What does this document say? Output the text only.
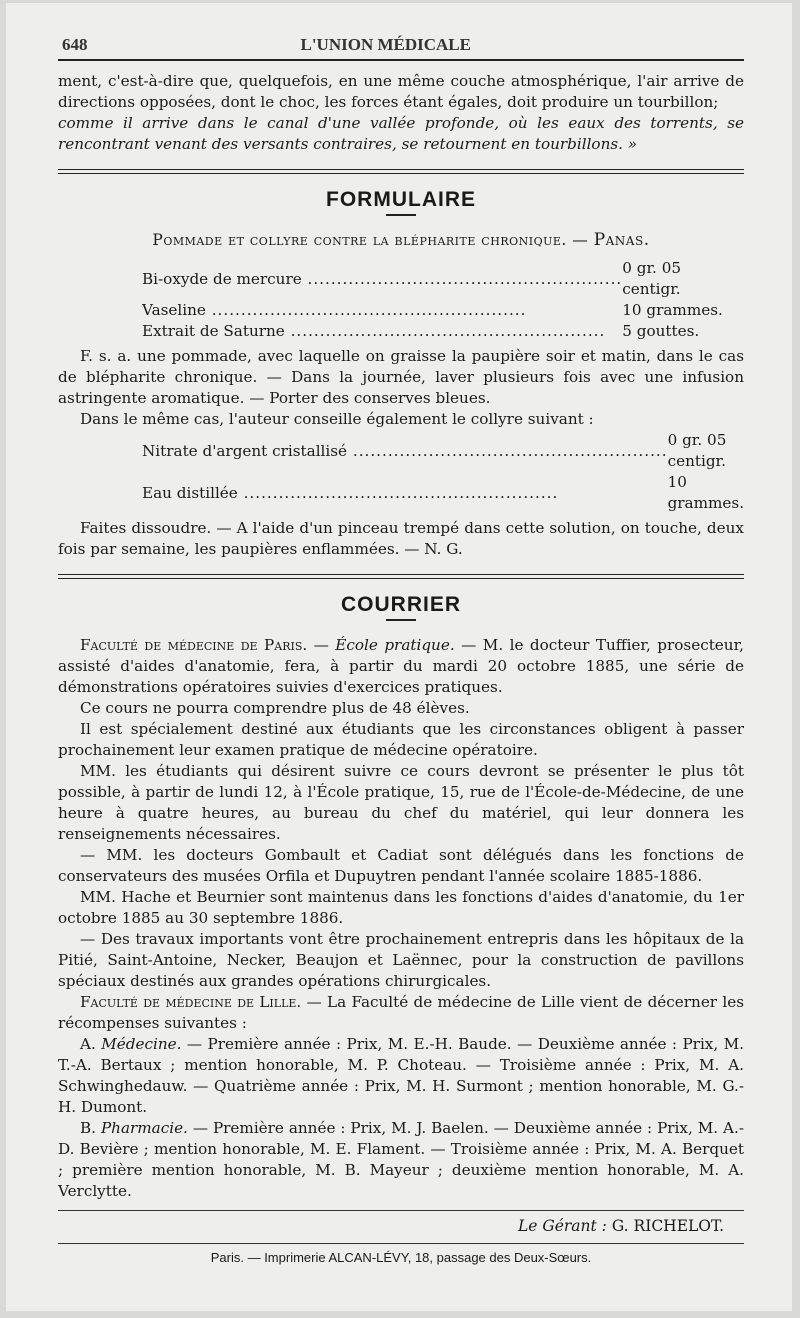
648	L'UNION MÉDICALE

ment, c'est-à-dire que, quelquefois, en une même couche atmosphérique, l'air arrive de directions opposées, dont le choc, les forces étant égales, doit produire un tourbillon;

comme il arrive dans le canal d'une vallée profonde, où les eaux des torrents, se rencontrant venant des versants contraires, se retournent en tourbillons. »

FORMULAIRE
Pommade et collyre contre la blépharite chronique. — Panas.
Bi-oxyde de mercure ......................................................	0 gr. 05 centigr.
Vaseline ......................................................	10 grammes.
Extrait de Saturne ......................................................	5 gouttes.

F. s. a. une pommade, avec laquelle on graisse la paupière soir et matin, dans le cas de blépharite chronique. — Dans la journée, laver plusieurs fois avec une infusion astringente aromatique. — Porter des conserves bleues.

Dans le même cas, l'auteur conseille également le collyre suivant :

Nitrate d'argent cristallisé ......................................................	0 gr. 05 centigr.
Eau distillée ......................................................	10 grammes.

Faites dissoudre. — A l'aide d'un pinceau trempé dans cette solution, on touche, deux fois par semaine, les paupières enflammées. — N. G.

COURRIER

Faculté de médecine de Paris. — École pratique. — M. le docteur Tuffier, prosecteur, assisté d'aides d'anatomie, fera, à partir du mardi 20 octobre 1885, une série de démonstrations opératoires suivies d'exercices pratiques.

Ce cours ne pourra comprendre plus de 48 élèves.

Il est spécialement destiné aux étudiants que les circonstances obligent à passer prochainement leur examen pratique de médecine opératoire.

MM. les étudiants qui désirent suivre ce cours devront se présenter le plus tôt possible, à partir de lundi 12, à l'École pratique, 15, rue de l'École-de-Médecine, de une heure à quatre heures, au bureau du chef du matériel, qui leur donnera les renseignements nécessaires.

— MM. les docteurs Gombault et Cadiat sont délégués dans les fonctions de conservateurs des musées Orfila et Dupuytren pendant l'année scolaire 1885-1886.

MM. Hache et Beurnier sont maintenus dans les fonctions d'aides d'anatomie, du 1er octobre 1885 au 30 septembre 1886.

— Des travaux importants vont être prochainement entrepris dans les hôpitaux de la Pitié, Saint-Antoine, Necker, Beaujon et Laënnec, pour la construction de pavillons spéciaux destinés aux grandes opérations chirurgicales.

Faculté de médecine de Lille. — La Faculté de médecine de Lille vient de décerner les récompenses suivantes :

A. Médecine. — Première année : Prix, M. E.-H. Baude. — Deuxième année : Prix, M. T.-A. Bertaux ; mention honorable, M. P. Choteau. — Troisième année : Prix, M. A. Schwinghedauw. — Quatrième année : Prix, M. H. Surmont ; mention honorable, M. G.-H. Dumont.

B. Pharmacie. — Première année : Prix, M. J. Baelen. — Deuxième année : Prix, M. A.-D. Bevière ; mention honorable, M. E. Flament. — Troisième année : Prix, M. A. Berquet ; première mention honorable, M. B. Mayeur ; deuxième mention honorable, M. A. Verclytte.

Le Gérant : G. RICHELOT.
Paris. — Imprimerie ALCAN-LÉVY, 18, passage des Deux-Sœurs.
